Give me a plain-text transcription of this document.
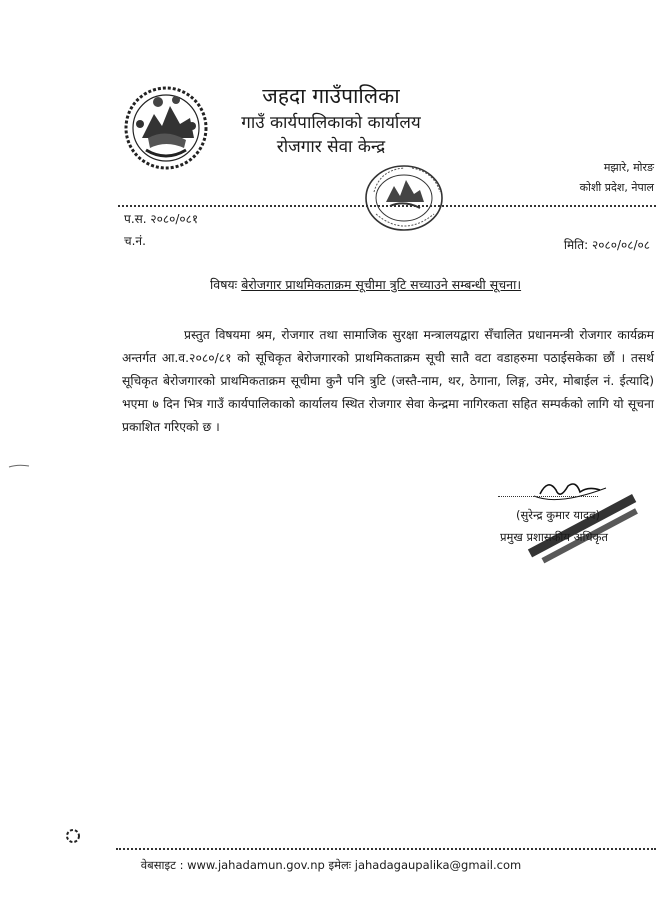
जहदा गाउँपालिका
गाउँ कार्यपालिकाको कार्यालय
रोजगार सेवा केन्द्र
मझारे, मोरङ
कोशी प्रदेश, नेपाल
प.स. २०८०/०८१
च.नं.	मिति: २०८०/०८/०८
विषयः बेरोजगार प्राथमिकताक्रम सूचीमा त्रुटि सच्याउने सम्बन्धी सूचना।
प्रस्तुत विषयमा श्रम, रोजगार तथा सामाजिक सुरक्षा मन्त्रालयद्वारा सँचालित प्रधानमन्त्री रोजगार कार्यक्रम अन्तर्गत आ.व.२०८०/८१ को सूचिकृत बेरोजगारको प्राथमिकताक्रम सूची सातै वटा वडाहरुमा पठाईसकेका छौं । तसर्थ सूचिकृत बेरोजगारको प्राथमिकताक्रम सूचीमा कुनै पनि त्रुटि (जस्तै-नाम, थर, ठेगाना, लिङ्ग, उमेर, मोबाईल नं. ईत्यादि) भएमा ७ दिन भित्र गाउँ कार्यपालिकाको कार्यालय स्थित रोजगार सेवा केन्द्रमा नागिरकता सहित सम्पर्कको लागि यो सूचना प्रकाशित गरिएको छ ।
(सुरेन्द्र कुमार यादव)
प्रमुख प्रशासकीय अधिकृत
वेबसाइट : www.jahadamun.gov.np इमेलः jahadagaupalika@gmail.com
